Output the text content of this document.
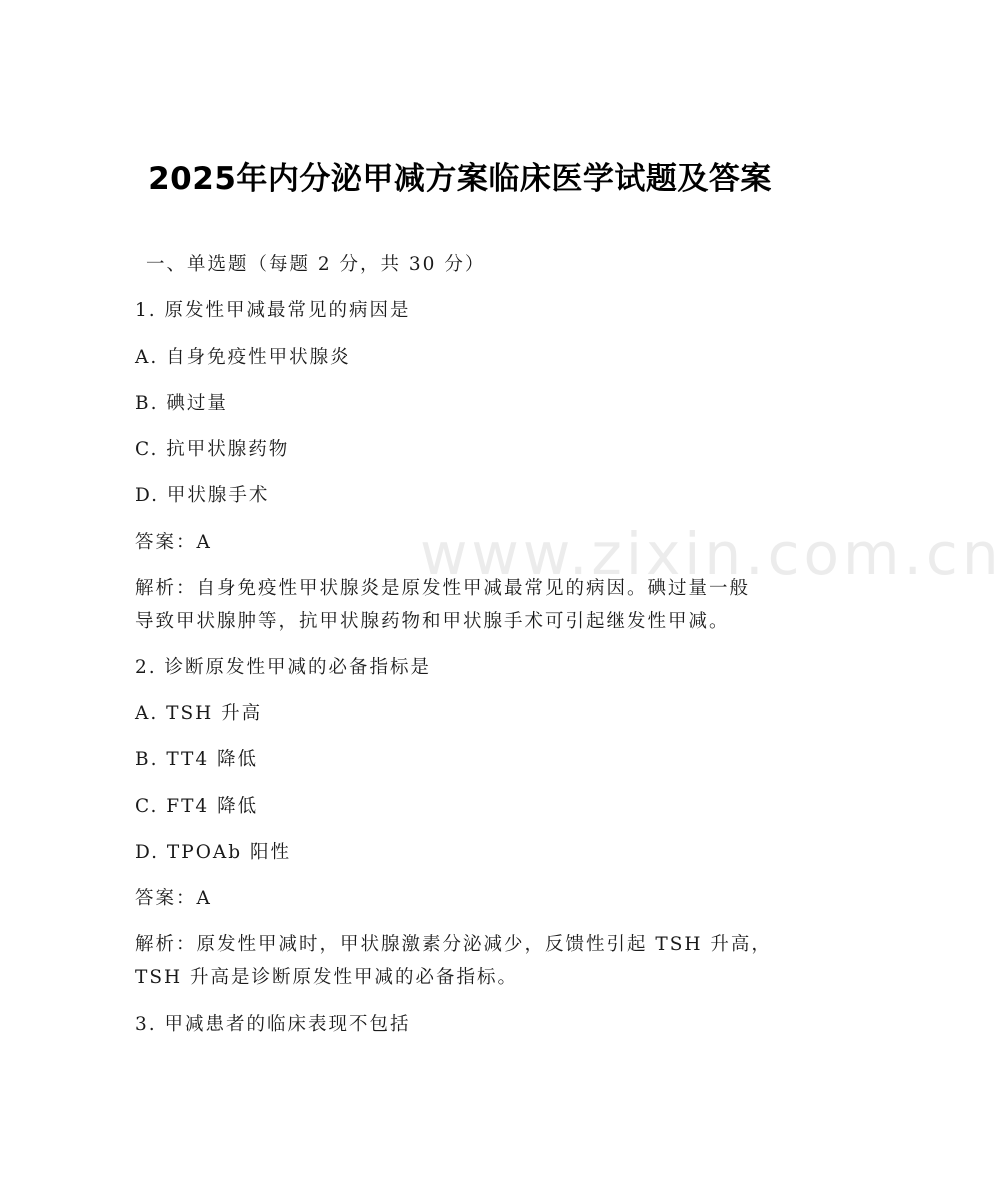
www.zixin.com.cn
2025年内分泌甲减方案临床医学试题及答案
一、单选题（每题 2 分，共 30 分）
1. 原发性甲减最常见的病因是
A. 自身免疫性甲状腺炎
B. 碘过量
C. 抗甲状腺药物
D. 甲状腺手术
答案：A
解析：自身免疫性甲状腺炎是原发性甲减最常见的病因。碘过量一般
导致甲状腺肿等，抗甲状腺药物和甲状腺手术可引起继发性甲减。
2. 诊断原发性甲减的必备指标是
A. TSH 升高
B. TT4 降低
C. FT4 降低
D. TPOAb 阳性
答案：A
解析：原发性甲减时，甲状腺激素分泌减少，反馈性引起 TSH 升高，
TSH 升高是诊断原发性甲减的必备指标。
3. 甲减患者的临床表现不包括
